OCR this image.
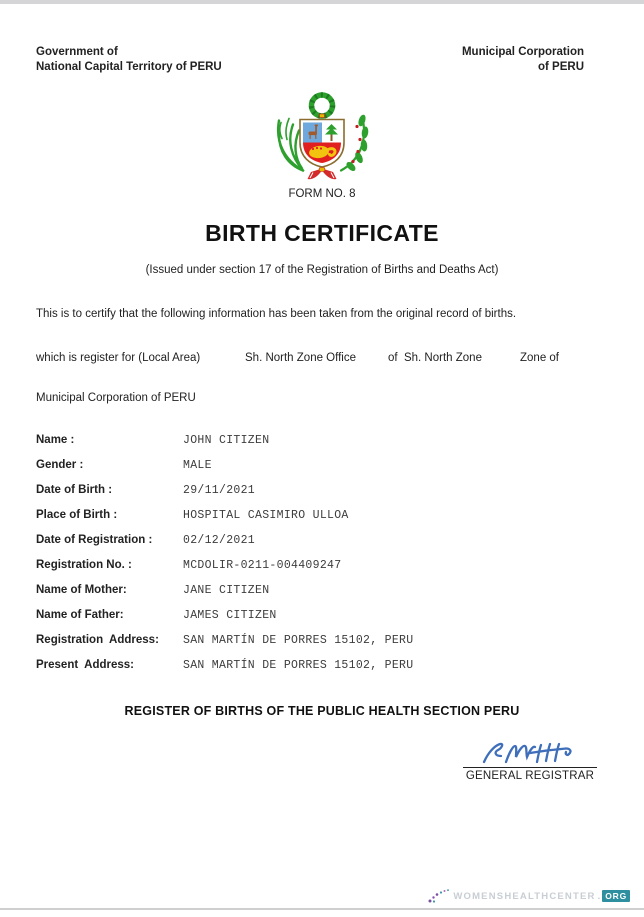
Government of
National Capital Territory of PERU
Municipal Corporation
of PERU
FORM NO. 8
BIRTH CERTIFICATE
(Issued under section 17 of the Registration of Births and Deaths Act)
This is to certify that the following information has been taken from the original record of births.
which is register for (Local Area)	Sh. North Zone Office	of  Sh. North Zone	Zone of
Municipal Corporation of PERU
Name :	JOHN CITIZEN
Gender :	MALE
Date of Birth :	29/11/2021
Place of Birth :	HOSPITAL CASIMIRO ULLOA
Date of Registration :	02/12/2021
Registration No. :	MCDOLIR-0211-004409247
Name of Mother:	JANE CITIZEN
Name of Father:	JAMES CITIZEN
Registration  Address: SAN MARTÍN DE PORRES 15102, PERU
Present  Address:	SAN MARTÍN DE PORRES 15102, PERU
REGISTER OF BIRTHS OF THE PUBLIC HEALTH SECTION PERU
GENERAL REGISTRAR
WOMENSHEALTHCENTER . ORG
